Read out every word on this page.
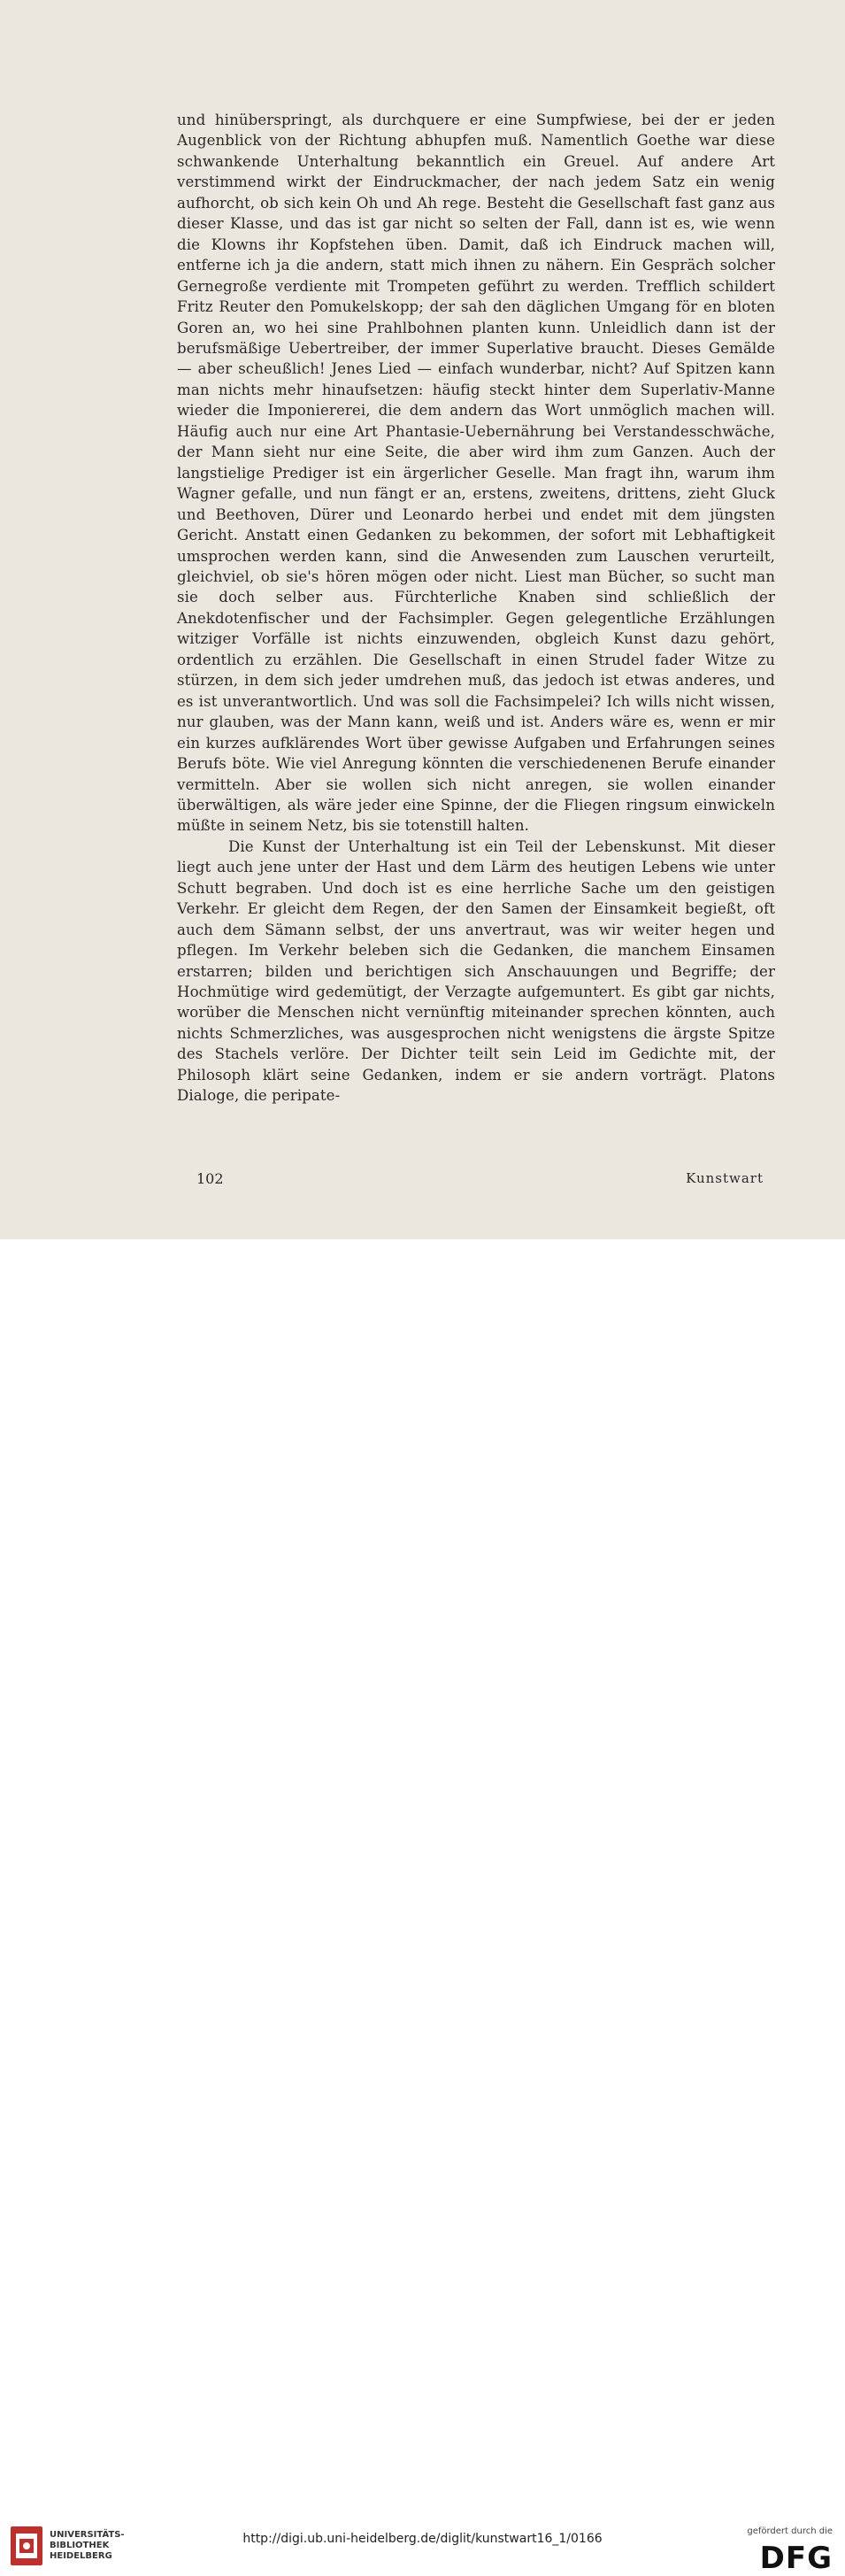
und hinüberspringt, als durchquere er eine Sumpfwiese, bei der er jeden Augenblick von der Richtung abhupfen muß. Namentlich Goethe war diese schwankende Unterhaltung bekanntlich ein Greuel. Auf andere Art verstimmend wirkt der Eindruckmacher, der nach jedem Satz ein wenig aufhorcht, ob sich kein Oh und Ah rege. Besteht die Gesellschaft fast ganz aus dieser Klasse, und das ist gar nicht so selten der Fall, dann ist es, wie wenn die Klowns ihr Kopfstehen üben. Damit, daß ich Eindruck machen will, entferne ich ja die andern, statt mich ihnen zu nähern. Ein Gespräch solcher Gernegroße verdiente mit Trompeten geführt zu werden. Trefflich schildert Fritz Reuter den Pomukelskopp; der sah den däglichen Umgang för en bloten Goren an, wo hei sine Prahlbohnen planten kunn. Unleidlich dann ist der berufsmäßige Uebertreiber, der immer Superlative braucht. Dieses Gemälde — aber scheußlich! Jenes Lied — einfach wunderbar, nicht? Auf Spitzen kann man nichts mehr hinaufsetzen: häufig steckt hinter dem Superlativ-Manne wieder die Imponiererei, die dem andern das Wort unmöglich machen will. Häufig auch nur eine Art Phantasie-Uebernährung bei Verstandesschwäche, der Mann sieht nur eine Seite, die aber wird ihm zum Ganzen. Auch der langstielige Prediger ist ein ärgerlicher Geselle. Man fragt ihn, warum ihm Wagner gefalle, und nun fängt er an, erstens, zweitens, drittens, zieht Gluck und Beethoven, Dürer und Leonardo herbei und endet mit dem jüngsten Gericht. Anstatt einen Gedanken zu bekommen, der sofort mit Lebhaftigkeit umsprochen werden kann, sind die Anwesenden zum Lauschen verurteilt, gleichviel, ob sie's hören mögen oder nicht. Liest man Bücher, so sucht man sie doch selber aus. Fürchterliche Knaben sind schließlich der Anekdotenfischer und der Fachsimpler. Gegen gelegentliche Erzählungen witziger Vorfälle ist nichts einzuwenden, obgleich Kunst dazu gehört, ordentlich zu erzählen. Die Gesellschaft in einen Strudel fader Witze zu stürzen, in dem sich jeder umdrehen muß, das jedoch ist etwas anderes, und es ist unverantwortlich. Und was soll die Fachsimpelei? Ich wills nicht wissen, nur glauben, was der Mann kann, weiß und ist. Anders wäre es, wenn er mir ein kurzes aufklärendes Wort über gewisse Aufgaben und Erfahrungen seines Berufs böte. Wie viel Anregung könnten die verschiedenenen Berufe einander vermitteln. Aber sie wollen sich nicht anregen, sie wollen einander überwältigen, als wäre jeder eine Spinne, der die Fliegen ringsum einwickeln müßte in seinem Netz, bis sie totenstill halten.

Die Kunst der Unterhaltung ist ein Teil der Lebenskunst. Mit dieser liegt auch jene unter der Hast und dem Lärm des heutigen Lebens wie unter Schutt begraben. Und doch ist es eine herrliche Sache um den geistigen Verkehr. Er gleicht dem Regen, der den Samen der Einsamkeit begießt, oft auch dem Sämann selbst, der uns anvertraut, was wir weiter hegen und pflegen. Im Verkehr beleben sich die Gedanken, die manchem Einsamen erstarren; bilden und berichtigen sich Anschauungen und Begriffe; der Hochmütige wird gedemütigt, der Verzagte aufgemuntert. Es gibt gar nichts, worüber die Menschen nicht vernünftig miteinander sprechen könnten, auch nichts Schmerzliches, was ausgesprochen nicht wenigstens die ärgste Spitze des Stachels verlöre. Der Dichter teilt sein Leid im Gedichte mit, der Philosoph klärt seine Gedanken, indem er sie andern vorträgt. Platons Dialoge, die peripate-

102	Kunstwart
UNIVERSITÄTS-
BIBLIOTHEK
HEIDELBERG
http://digi.ub.uni-heidelberg.de/diglit/kunstwart16_1/0166
gefördert durch die
DFG
